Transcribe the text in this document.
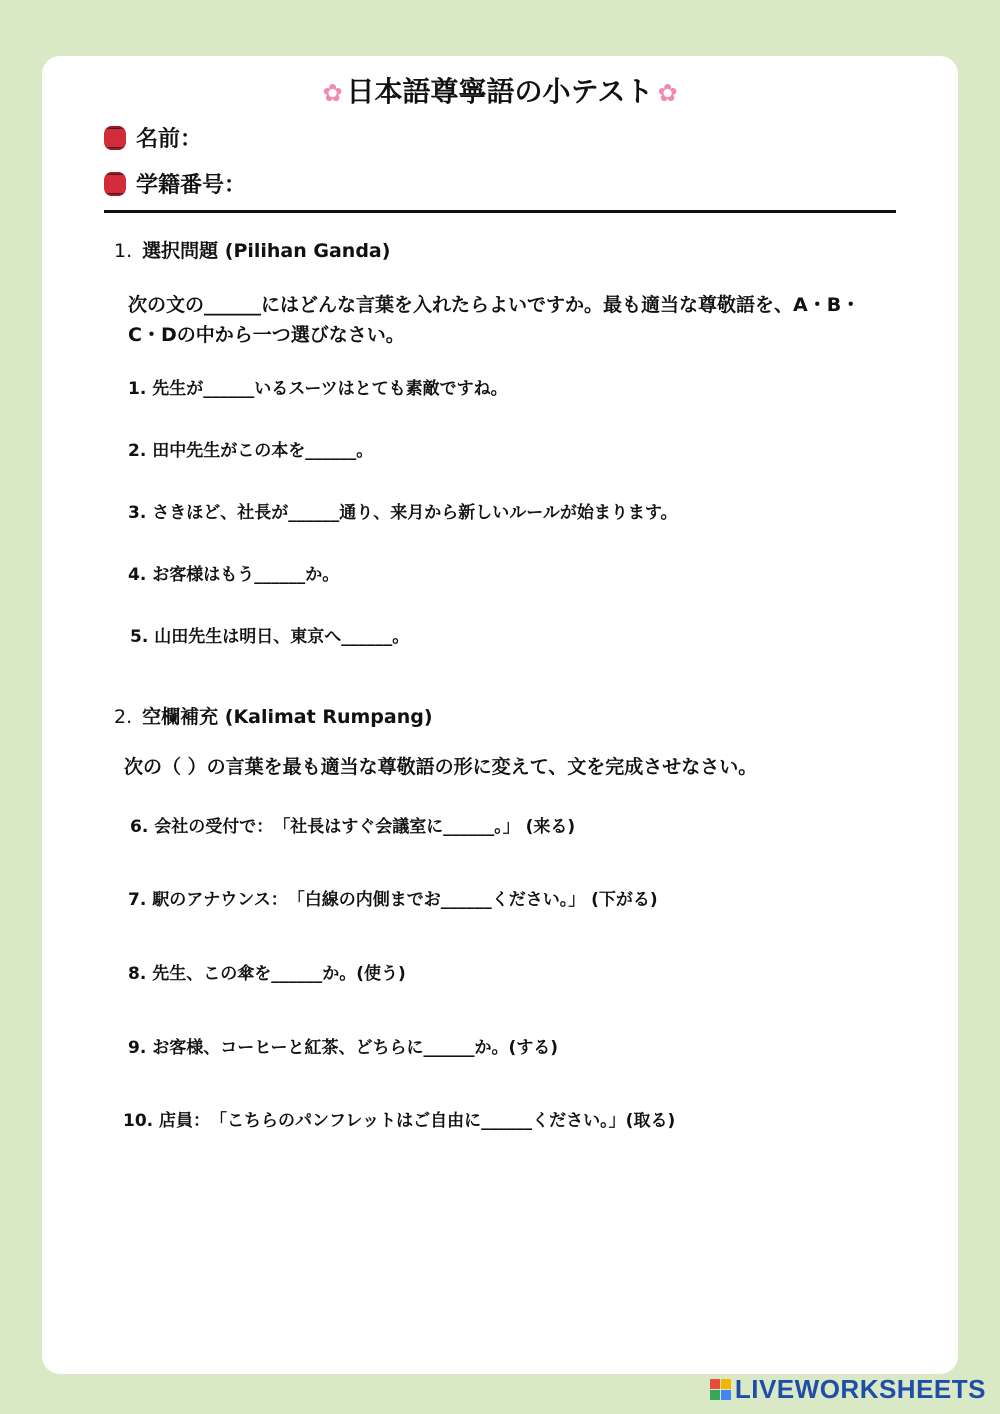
✿ 日本語尊寧語の小テスト ✿
名前：
学籍番号：
1. 選択問題 (Pilihan Ganda)
次の文の______にはどんな言葉を入れたらよいですか。最も適当な尊敬語を、A・B・C・Dの中から一つ選びなさい。
1. 先生が______いるスーツはとても素敵ですね。
2. 田中先生がこの本を______。
3. さきほど、社長が______通り、来月から新しいルールが始まります。
4. お客様はもう______か。
5. 山田先生は明日、東京へ______。
2. 空欄補充 (Kalimat Rumpang)
次の（ ）の言葉を最も適当な尊敬語の形に変えて、文を完成させなさい。
6. 会社の受付で：　「社長はすぐ会議室に______。」 (来る)
7. 駅のアナウンス：　「白線の内側までお______ください。」 (下がる)
8. 先生、この傘を______か。(使う)
9. お客様、コーヒーと紅茶、どちらに______か。(する)
10. 店員：　「こちらのパンフレットはご自由に______ください。」(取る)
LIVEWORKSHEETS
